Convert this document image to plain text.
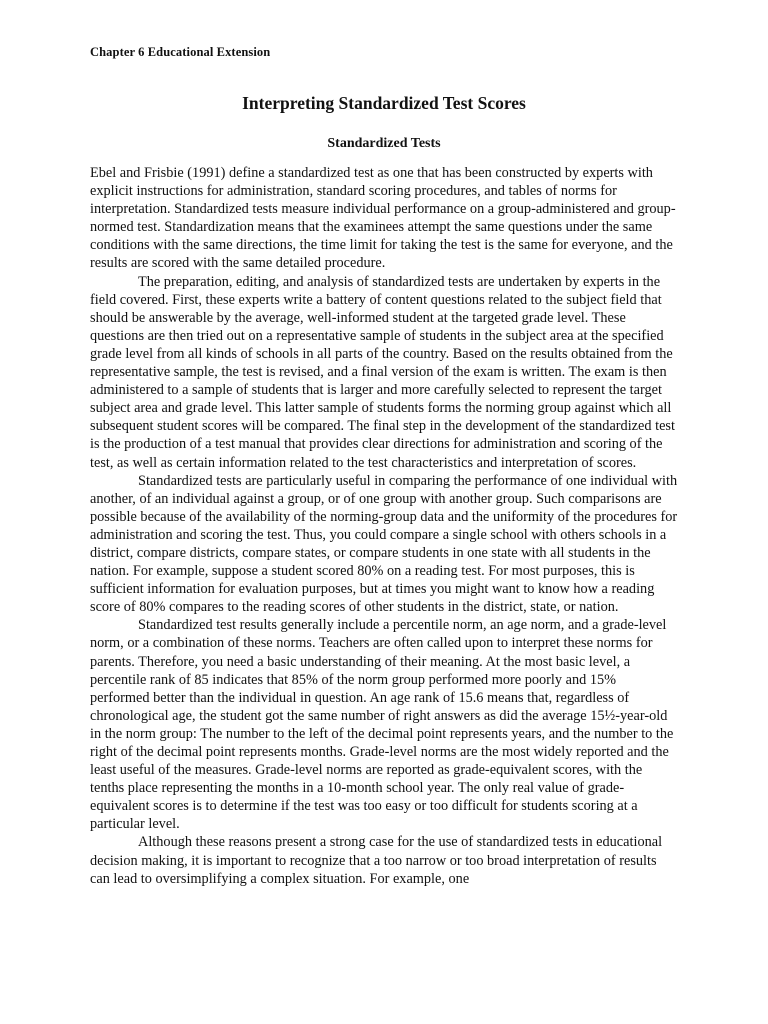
Chapter 6 Educational Extension
Interpreting Standardized Test Scores
Standardized Tests

Ebel and Frisbie (1991) define a standardized test as one that has been constructed by experts with explicit instructions for administration, standard scoring procedures, and tables of norms for interpretation. Standardized tests measure individual performance on a group-administered and group-normed test. Standardization means that the examinees attempt the same questions under the same conditions with the same directions, the time limit for taking the test is the same for everyone, and the results are scored with the same detailed procedure.

The preparation, editing, and analysis of standardized tests are undertaken by experts in the field covered. First, these experts write a battery of content questions related to the subject field that should be answerable by the average, well-informed student at the targeted grade level. These questions are then tried out on a representative sample of students in the subject area at the specified grade level from all kinds of schools in all parts of the country. Based on the results obtained from the representative sample, the test is revised, and a final version of the exam is written. The exam is then administered to a sample of students that is larger and more carefully selected to represent the target subject area and grade level. This latter sample of students forms the norming group against which all subsequent student scores will be compared. The final step in the development of the standardized test is the production of a test manual that provides clear directions for administration and scoring of the test, as well as certain information related to the test characteristics and interpretation of scores.

Standardized tests are particularly useful in comparing the performance of one individual with another, of an individual against a group, or of one group with another group. Such comparisons are possible because of the availability of the norming-group data and the uniformity of the procedures for administration and scoring the test. Thus, you could compare a single school with others schools in a district, compare districts, compare states, or compare students in one state with all students in the nation. For example, suppose a student scored 80% on a reading test. For most purposes, this is sufficient information for evaluation purposes, but at times you might want to know how a reading score of 80% compares to the reading scores of other students in the district, state, or nation.

Standardized test results generally include a percentile norm, an age norm, and a grade-level norm, or a combination of these norms. Teachers are often called upon to interpret these norms for parents. Therefore, you need a basic understanding of their meaning. At the most basic level, a percentile rank of 85 indicates that 85% of the norm group performed more poorly and 15% performed better than the individual in question. An age rank of 15.6 means that, regardless of chronological age, the student got the same number of right answers as did the average 15½-year-old in the norm group: The number to the left of the decimal point represents years, and the number to the right of the decimal point represents months. Grade-level norms are the most widely reported and the least useful of the measures. Grade-level norms are reported as grade-equivalent scores, with the tenths place representing the months in a 10-month school year. The only real value of grade-equivalent scores is to determine if the test was too easy or too difficult for students scoring at a particular level.

Although these reasons present a strong case for the use of standardized tests in educational decision making, it is important to recognize that a too narrow or too broad interpretation of results can lead to oversimplifying a complex situation. For example, one
